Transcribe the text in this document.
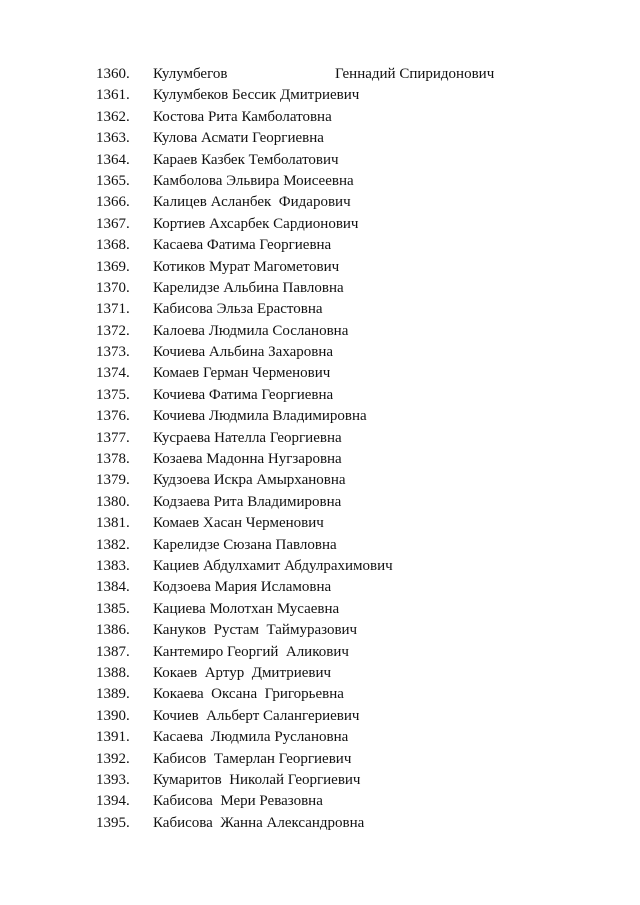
1360. Кулумбегов	Геннадий Спиридонович
1361. Кулумбеков Бессик Дмитриевич
1362. Костова Рита Камболатовна
1363. Кулова Асмати Георгиевна
1364. Караев Казбек Темболатович
1365. Камболова Эльвира Моисеевна
1366. Калицев Асланбек  Фидарович
1367. Кортиев Ахсарбек Сардионович
1368. Касаева Фатима Георгиевна
1369. Котиков Мурат Магометович
1370. Карелидзе Альбина Павловна
1371. Кабисова Эльза Ерастовна
1372. Калоева Людмила Сослановна
1373. Кочиева Альбина Захаровна
1374. Комаев Герман Черменович
1375. Кочиева Фатима Георгиевна
1376. Кочиева Людмила Владимировна
1377. Кусраева Нателла Георгиевна
1378. Козаева Мадонна Нугзаровна
1379. Кудзоева Искра Амырхановна
1380. Кодзаева Рита Владимировна
1381. Комаев Хасан Черменович
1382. Карелидзе Сюзана Павловна
1383. Кациев Абдулхамит Абдулрахимович
1384. Кодзоева Мария Исламовна
1385. Кациева Молотхан Мусаевна
1386. Кануков  Рустам  Таймуразович
1387. Кантемиро Георгий  Аликович
1388. Кокаев  Артур  Дмитриевич
1389. Кокаева  Оксана  Григорьевна
1390. Кочиев  Альберт Салангериевич
1391. Касаева  Людмила Руслановна
1392. Кабисов  Тамерлан Георгиевич
1393. Кумаритов  Николай Георгиевич
1394. Кабисова  Мери Ревазовна
1395. Кабисова  Жанна Александровна
